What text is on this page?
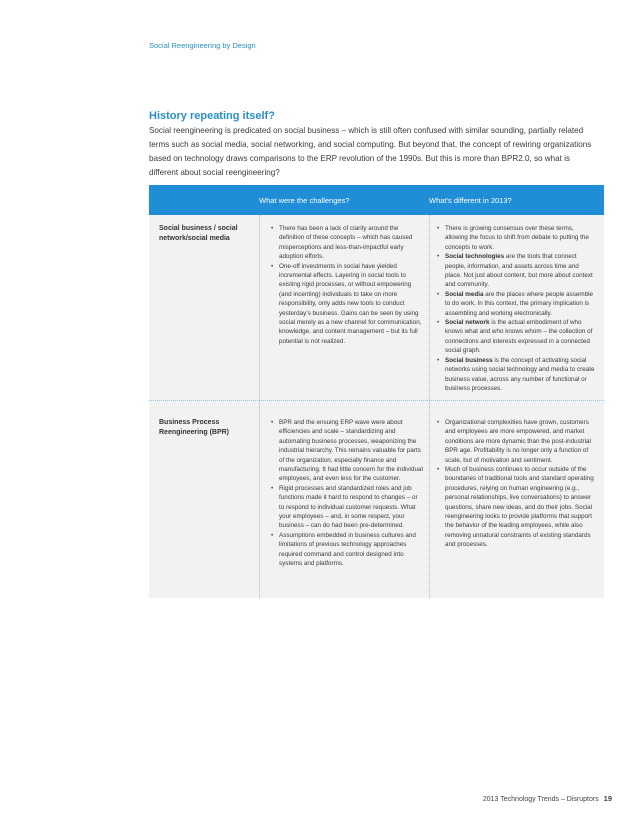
Social Reengineering by Design
History repeating itself?

Social reengineering is predicated on social business – which is still often confused with similar sounding, partially related terms such as social media, social networking, and social computing. But beyond that, the concept of rewiring organizations based on technology draws comparisons to the ERP revolution of the 1990s. But this is more than BPR2.0, so what is different about social reengineering?

What were the challenges?	What’s different in 2013?
Social business / social network/social media
• There has been a lack of clarity around the definition of these concepts – which has caused misperceptions and less-than-impactful early adoption efforts.
• One-off investments in social have yielded incremental effects. Layering in social tools to existing rigid processes, or without empowering (and incenting) individuals to take on more responsibility, only adds new tools to conduct yesterday’s business. Gains can be seen by using social merely as a new channel for communication, knowledge, and content management – but its full potential is not realized.
• There is growing consensus over these terms, allowing the focus to shift from debate to putting the concepts to work.
• Social technologies are the tools that connect people, information, and assets across time and place. Not just about content, but more about context and community.
• Social media are the places where people assemble to do work. In this context, the primary implication is assembling and working electronically.
• Social network is the actual embodiment of who knows what and who knows whom – the collection of connections and interests expressed in a connected social graph.
• Social business is the concept of activating social networks using social technology and media to create business value, across any number of functional or business processes.
Business Process Reengineering (BPR)
• BPR and the ensuing ERP wave were about efficiencies and scale – standardizing and automating business processes, weaponizing the industrial hierarchy. This remains valuable for parts of the organization, especially finance and manufacturing. It had little concern for the individual employees, and even less for the customer.
• Rigid processes and standardized roles and job functions made it hard to respond to changes – or to respond to individual customer requests. What your employees – and, in some respect, your business – can do had been pre-determined.
• Assumptions embedded in business cultures and limitations of previous technology approaches required command and control designed into systems and platforms.
• Organizational complexities have grown, customers and employees are more empowered, and market conditions are more dynamic than the post-industrial BPR age. Profitability is no longer only a function of scale, but of motivation and sentiment.
• Much of business continues to occur outside of the boundaries of traditional tools and standard operating procedures, relying on human engineering (e.g., personal relationships, live conversations) to answer questions, share new ideas, and do their jobs. Social reengineering looks to provide platforms that support the behavior of the leading employees, while also removing unnatural constraints of existing standards and processes.
2013 Technology Trends – Disruptors 19
